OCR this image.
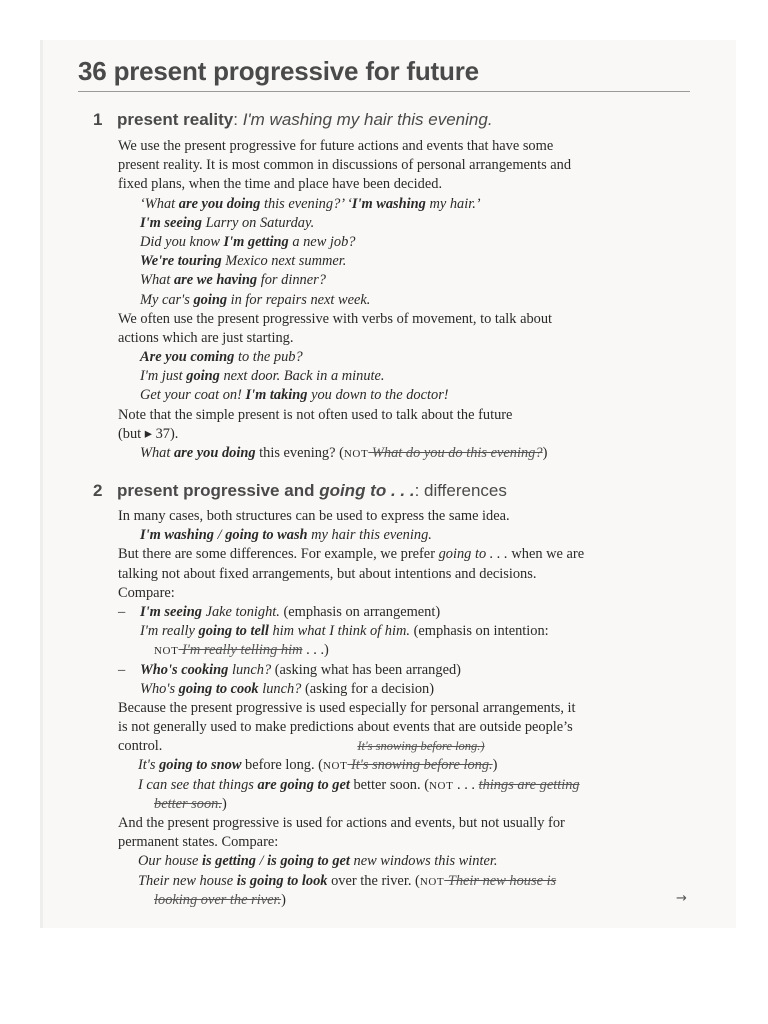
36 present progressive for future
1 present reality: I'm washing my hair this evening.
We use the present progressive for future actions and events that have some
present reality. It is most common in discussions of personal arrangements and
fixed plans, when the time and place have been decided.
‘What are you doing this evening?’ ‘I'm washing my hair.’
I'm seeing Larry on Saturday.
Did you know I'm getting a new job?
We're touring Mexico next summer.
What are we having for dinner?
My car's going in for repairs next week.
We often use the present progressive with verbs of movement, to talk about
actions which are just starting.
Are you coming to the pub?
I'm just going next door. Back in a minute.
Get your coat on! I'm taking you down to the doctor!
Note that the simple present is not often used to talk about the future
(but ▸ 37).
What are you doing this evening? (NOT What do you do this evening?)
2 present progressive and going to . . .: differences
In many cases, both structures can be used to express the same idea.
I'm washing / going to wash my hair this evening.
But there are some differences. For example, we prefer going to . . . when we are
talking not about fixed arrangements, but about intentions and decisions.
Compare:
– I'm seeing Jake tonight. (emphasis on arrangement)
I'm really going to tell him what I think of him. (emphasis on intention:
NOT I'm really telling him . . .)
– Who's cooking lunch? (asking what has been arranged)
Who's going to cook lunch? (asking for a decision)
Because the present progressive is used especially for personal arrangements, it
is not generally used to make predictions about events that are outside people’s
control.	It's snowing before long.)
It's going to snow before long. (NOT It's snowing before long.)
I can see that things are going to get better soon. (NOT . . . things are getting
better soon.)
And the present progressive is used for actions and events, but not usually for
permanent states. Compare:
Our house is getting / is going to get new windows this winter.
Their new house is going to look over the river. (NOT Their new house is
looking over the river.)	→
